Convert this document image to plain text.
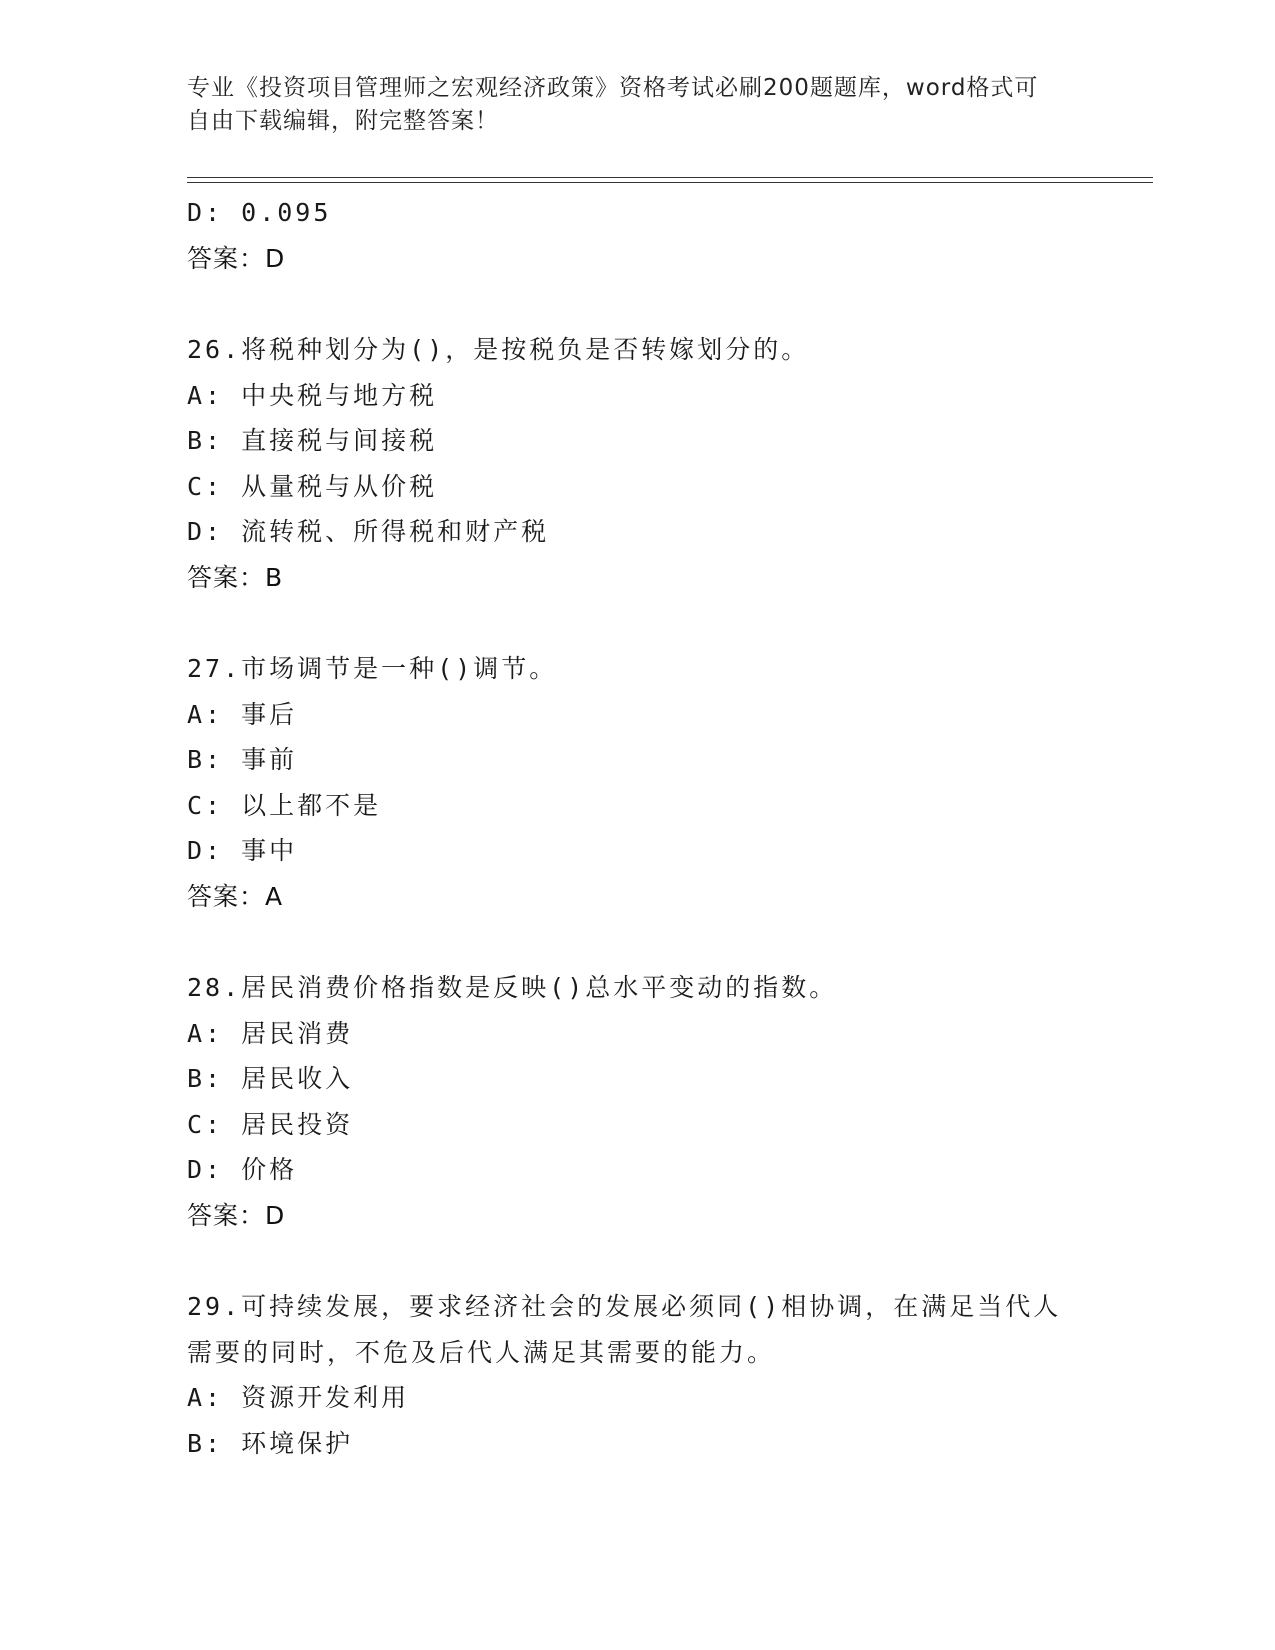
专业《投资项目管理师之宏观经济政策》资格考试必刷200题题库，word格式可
自由下载编辑，附完整答案！
D: 0.095
答案：D
26.将税种划分为()，是按税负是否转嫁划分的。
A: 中央税与地方税
B: 直接税与间接税
C: 从量税与从价税
D: 流转税、所得税和财产税
答案：B
27.市场调节是一种()调节。
A: 事后
B: 事前
C: 以上都不是
D: 事中
答案：A
28.居民消费价格指数是反映()总水平变动的指数。
A: 居民消费
B: 居民收入
C: 居民投资
D: 价格
答案：D
29.可持续发展，要求经济社会的发展必须同()相协调，在满足当代人
需要的同时，不危及后代人满足其需要的能力。
A: 资源开发利用
B: 环境保护
